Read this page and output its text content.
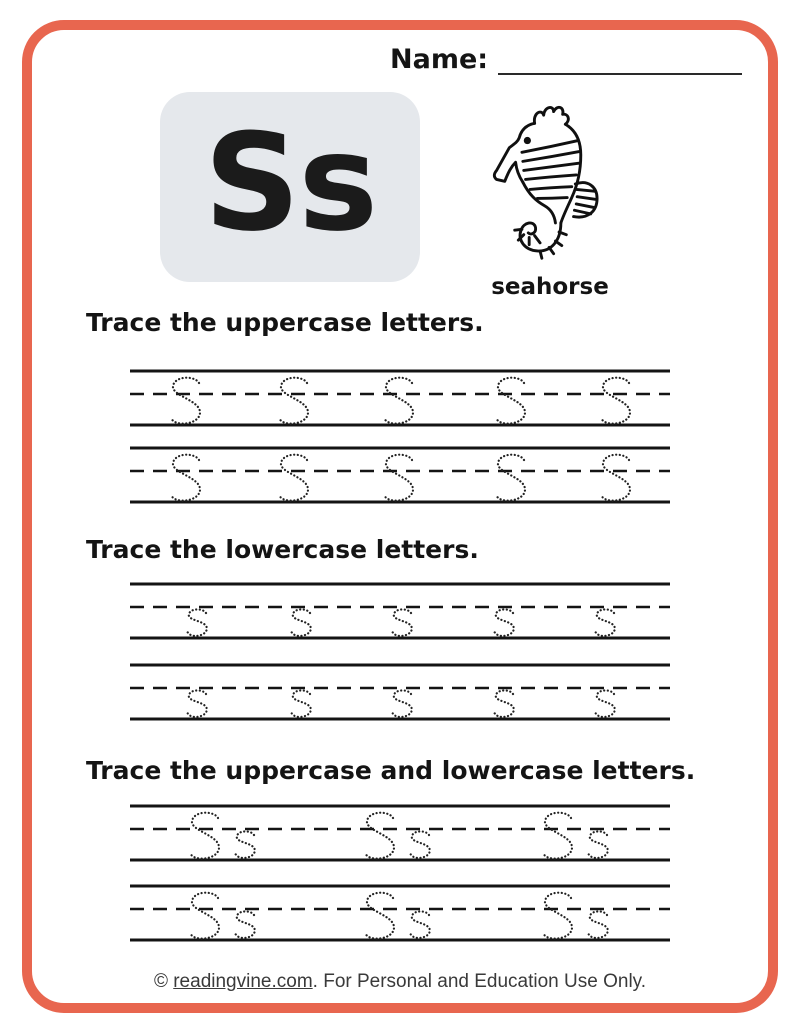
Name:
Ss
seahorse
Trace the uppercase letters.
Trace the lowercase letters.
Trace the uppercase and lowercase letters.
© readingvine.com. For Personal and Education Use Only.
